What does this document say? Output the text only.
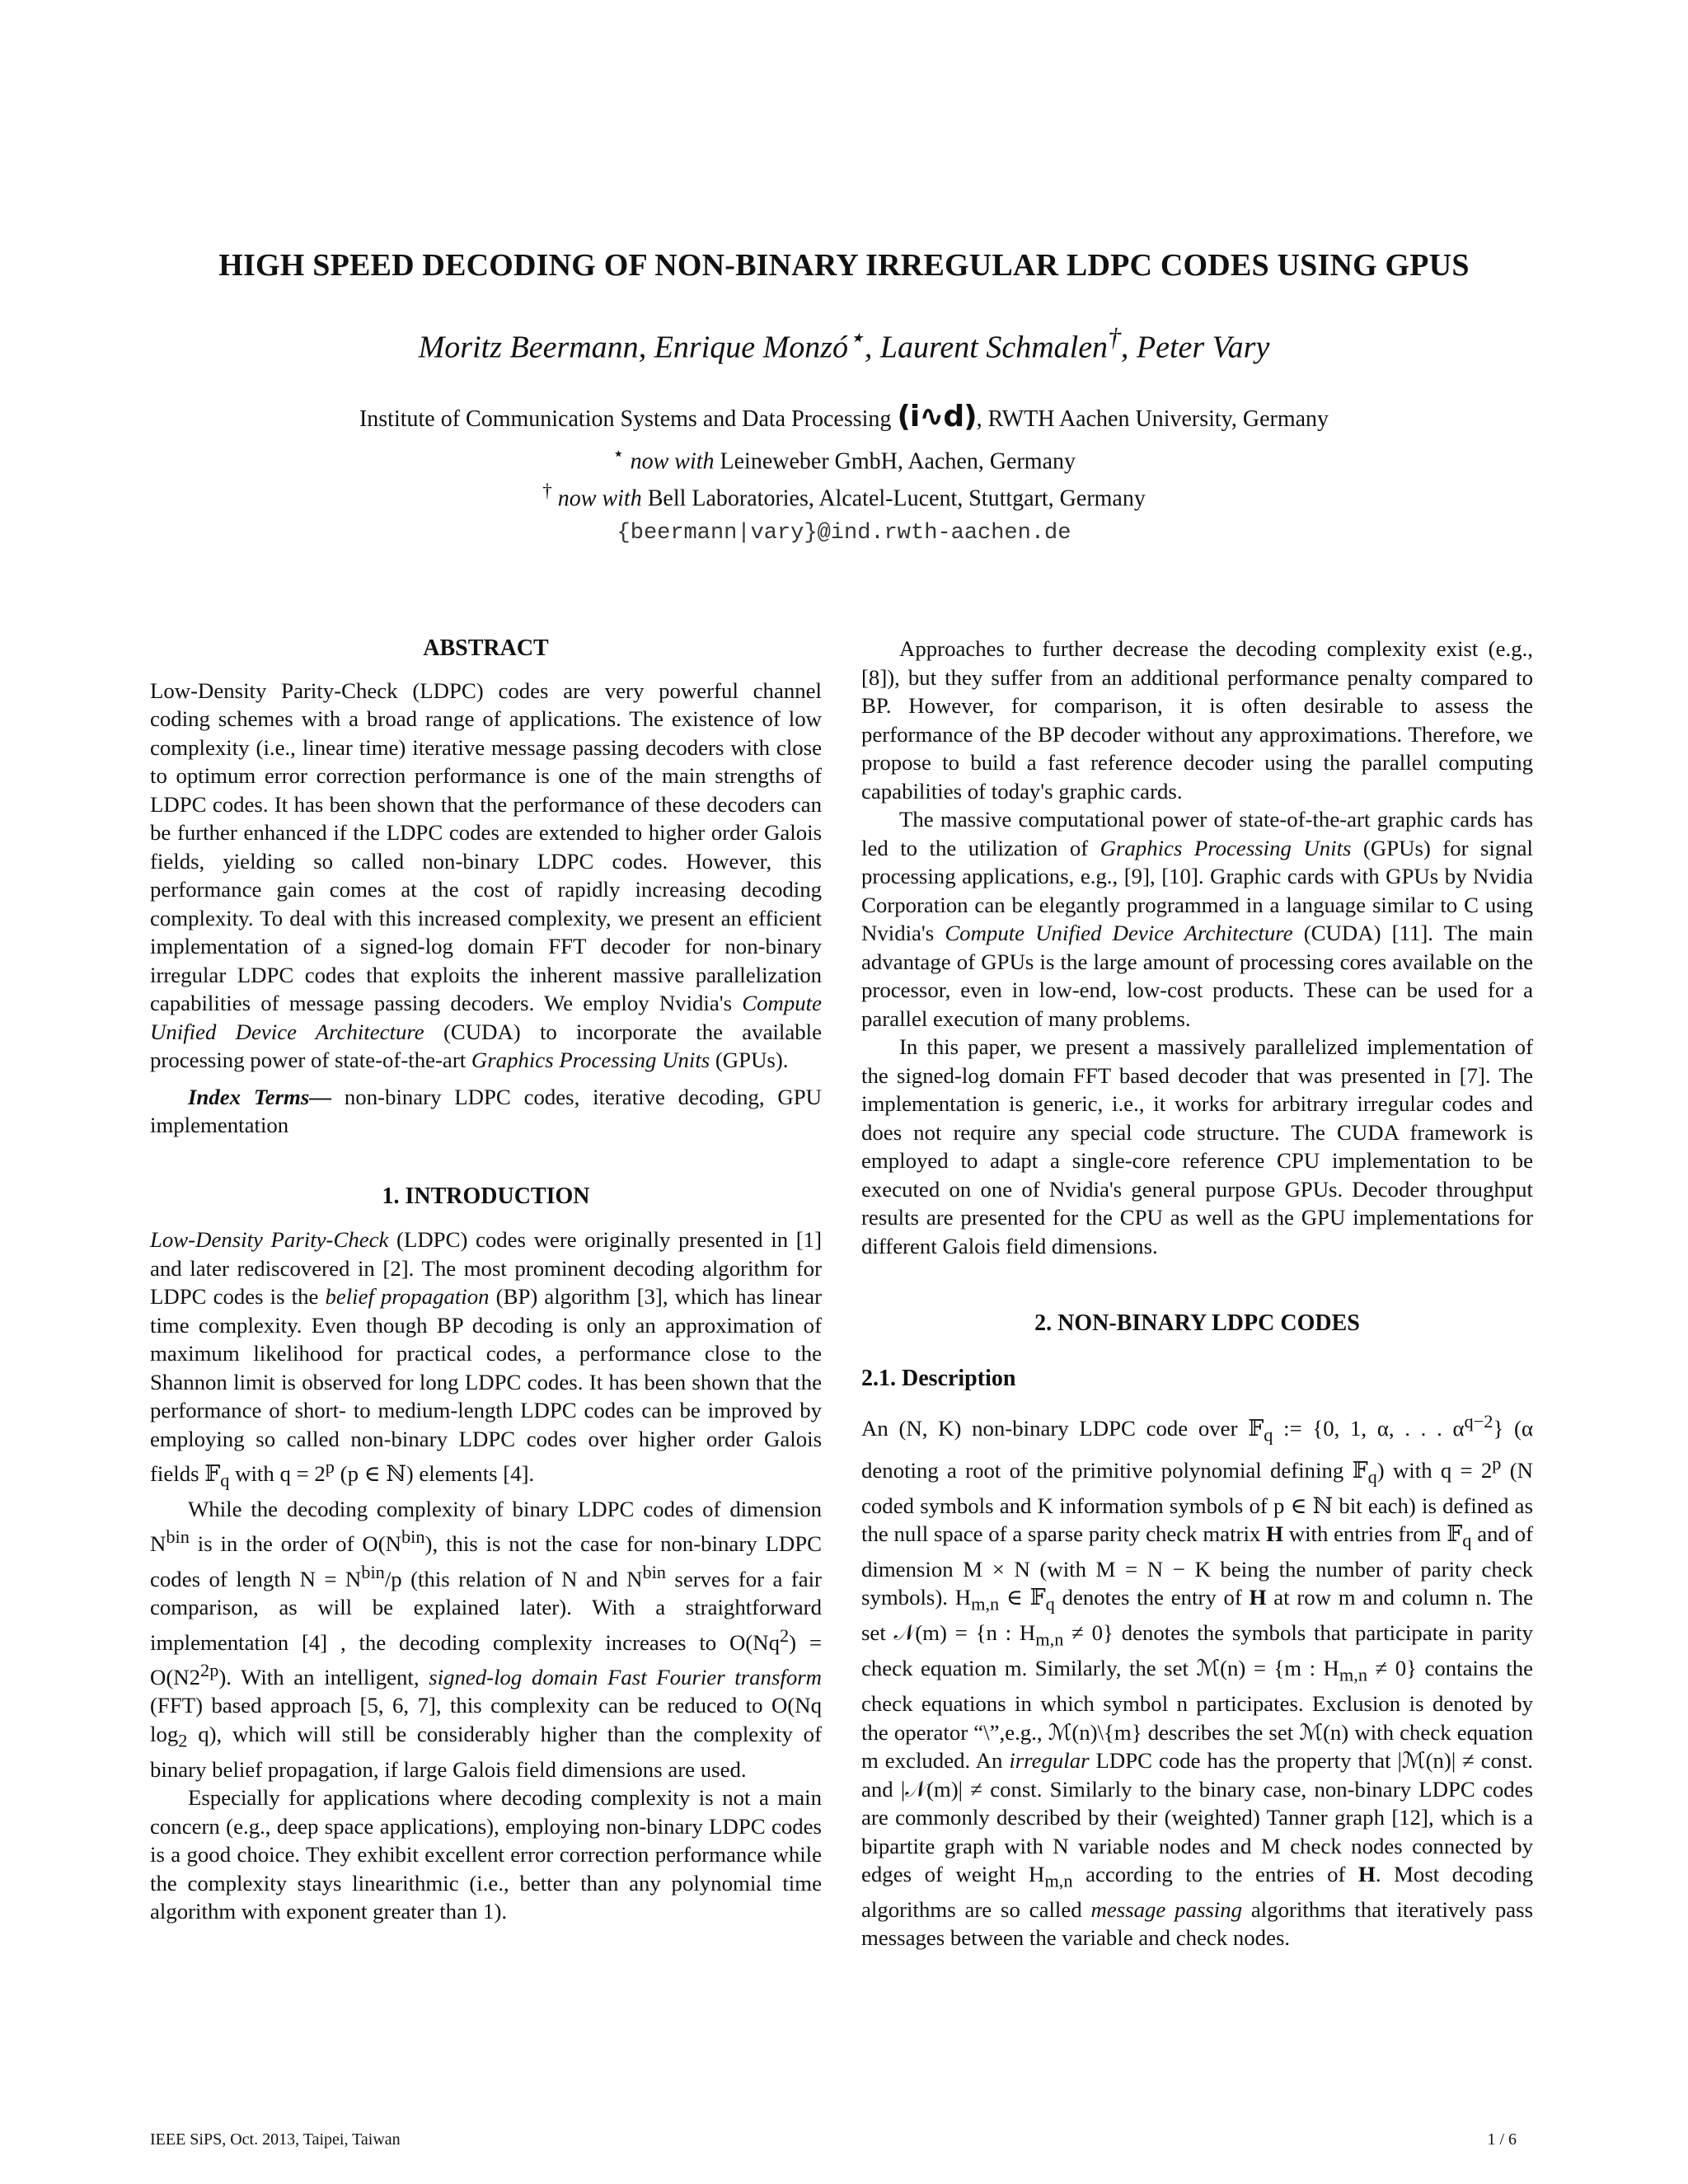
HIGH SPEED DECODING OF NON-BINARY IRREGULAR LDPC CODES USING GPUS
Moritz Beermann, Enrique Monzó⋆, Laurent Schmalen†, Peter Vary
Institute of Communication Systems and Data Processing (i∿d), RWTH Aachen University, Germany
⋆ now with Leineweber GmbH, Aachen, Germany
† now with Bell Laboratories, Alcatel-Lucent, Stuttgart, Germany
{beermann|vary}@ind.rwth-aachen.de
ABSTRACT

Low-Density Parity-Check (LDPC) codes are very powerful channel coding schemes with a broad range of applications. The existence of low complexity (i.e., linear time) iterative message passing decoders with close to optimum error correction performance is one of the main strengths of LDPC codes. It has been shown that the performance of these decoders can be further enhanced if the LDPC codes are extended to higher order Galois fields, yielding so called non-binary LDPC codes. However, this performance gain comes at the cost of rapidly increasing decoding complexity. To deal with this increased complexity, we present an efficient implementation of a signed-log domain FFT decoder for non-binary irregular LDPC codes that exploits the inherent massive parallelization capabilities of message passing decoders. We employ Nvidia's Compute Unified Device Architecture (CUDA) to incorporate the available processing power of state-of-the-art Graphics Processing Units (GPUs).

Index Terms— non-binary LDPC codes, iterative decoding, GPU implementation

1. INTRODUCTION

Low-Density Parity-Check (LDPC) codes were originally presented in [1] and later rediscovered in [2]. The most prominent decoding algorithm for LDPC codes is the belief propagation (BP) algorithm [3], which has linear time complexity. Even though BP decoding is only an approximation of maximum likelihood for practical codes, a performance close to the Shannon limit is observed for long LDPC codes. It has been shown that the performance of short- to medium-length LDPC codes can be improved by employing so called non-binary LDPC codes over higher order Galois fields 𝔽$_q$ with $q = 2^p$ (p ∈ ℕ) elements [4].

While the decoding complexity of binary LDPC codes of dimension $N^{bin}$ is in the order of $O(N^{bin})$, this is not the case for non-binary LDPC codes of length $N = N^{bin}/p$ (this relation of N and $N^{bin}$ serves for a fair comparison, as will be explained later). With a straightforward implementation [4] , the decoding complexity increases to $O(Nq^2) = O(N2^{2p})$. With an intelligent, signed-log domain Fast Fourier transform (FFT) based approach [5, 6, 7], this complexity can be reduced to O(Nq $\log_2 q$), which will still be considerably higher than the complexity of binary belief propagation, if large Galois field dimensions are used.

Especially for applications where decoding complexity is not a main concern (e.g., deep space applications), employing non-binary LDPC codes is a good choice. They exhibit excellent error correction performance while the complexity stays linearithmic (i.e., better than any polynomial time algorithm with exponent greater than 1).

Approaches to further decrease the decoding complexity exist (e.g., [8]), but they suffer from an additional performance penalty compared to BP. However, for comparison, it is often desirable to assess the performance of the BP decoder without any approximations. Therefore, we propose to build a fast reference decoder using the parallel computing capabilities of today's graphic cards.

The massive computational power of state-of-the-art graphic cards has led to the utilization of Graphics Processing Units (GPUs) for signal processing applications, e.g., [9], [10]. Graphic cards with GPUs by Nvidia Corporation can be elegantly programmed in a language similar to C using Nvidia's Compute Unified Device Architecture (CUDA) [11]. The main advantage of GPUs is the large amount of processing cores available on the processor, even in low-end, low-cost products. These can be used for a parallel execution of many problems.

In this paper, we present a massively parallelized implementation of the signed-log domain FFT based decoder that was presented in [7]. The implementation is generic, i.e., it works for arbitrary irregular codes and does not require any special code structure. The CUDA framework is employed to adapt a single-core reference CPU implementation to be executed on one of Nvidia's general purpose GPUs. Decoder throughput results are presented for the CPU as well as the GPU implementations for different Galois field dimensions.

2. NON-BINARY LDPC CODES
2.1. Description

An (N, K) non-binary LDPC code over 𝔽$_q$ := {0, 1, α, . . . $\alpha^{q-2}$} (α denoting a root of the primitive polynomial defining 𝔽$_q$) with $q = 2^p$ (N coded symbols and K information symbols of p ∈ ℕ bit each) is defined as the null space of a sparse parity check matrix H with entries from 𝔽$_q$ and of dimension M × N (with M = N − K being the number of parity check symbols). $H_{m,n}$ ∈ 𝔽$_q$ denotes the entry of H at row m and column n. The set 𝒩(m) = {n : $H_{m,n} \ne 0$} denotes the symbols that participate in parity check equation m. Similarly, the set ℳ(n) = {m : $H_{m,n} \ne 0$} contains the check equations in which symbol n participates. Exclusion is denoted by the operator “\”,e.g., ℳ(n)\{m} describes the set ℳ(n) with check equation m excluded. An irregular LDPC code has the property that |ℳ(n)| ≠ const. and |𝒩(m)| ≠ const. Similarly to the binary case, non-binary LDPC codes are commonly described by their (weighted) Tanner graph [12], which is a bipartite graph with N variable nodes and M check nodes connected by edges of weight $H_{m,n}$ according to the entries of H. Most decoding algorithms are so called message passing algorithms that iteratively pass messages between the variable and check nodes.

IEEE SiPS, Oct. 2013, Taipei, Taiwan	1 / 6
